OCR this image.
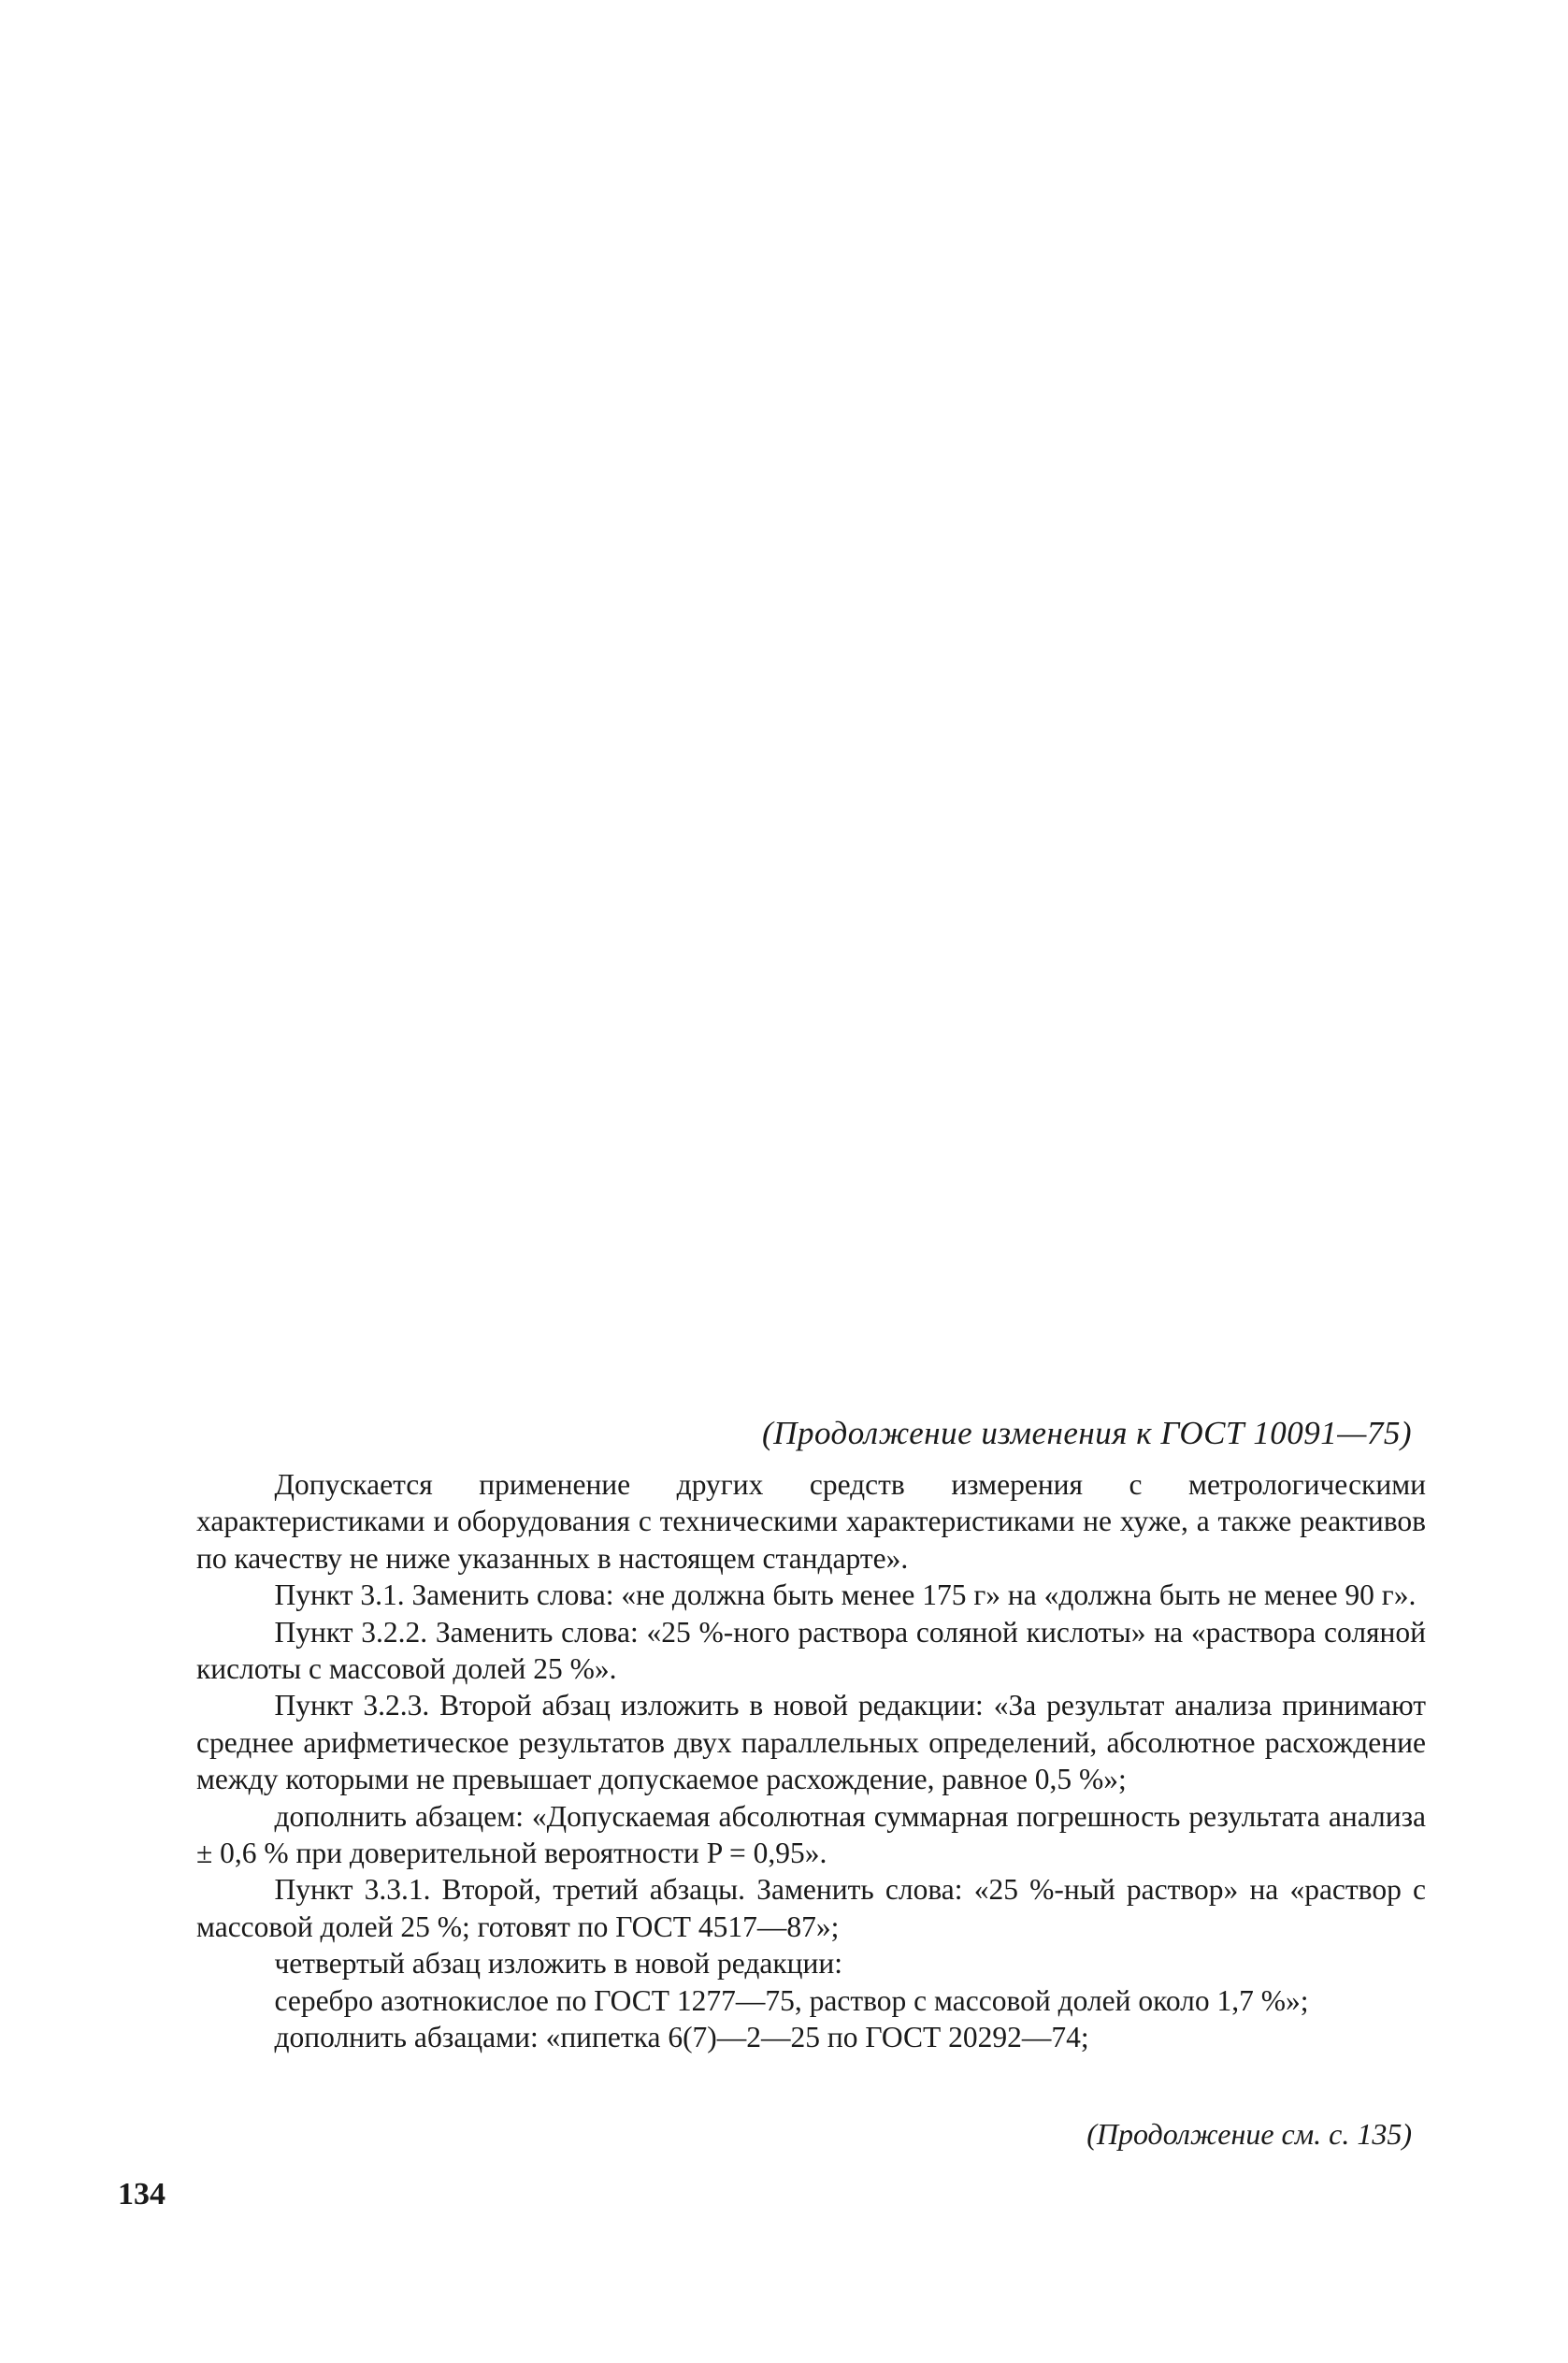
(Продолжение изменения к ГОСТ 10091—75)

Допускается применение других средств измерения с метрологическими характеристиками и оборудования с техническими характеристиками не хуже, а также реактивов по качеству не ниже указанных в настоящем стандарте».

Пункт 3.1. Заменить слова: «не должна быть менее 175 г» на «должна быть не менее 90 г».

Пункт 3.2.2. Заменить слова: «25 %-ного раствора соляной кислоты» на «раствора соляной кислоты с массовой долей 25 %».

Пункт 3.2.3. Второй абзац изложить в новой редакции: «За результат анализа принимают среднее арифметическое результатов двух параллельных определений, абсолютное расхождение между которыми не превышает допускаемое расхождение, равное 0,5 %»;

дополнить абзацем: «Допускаемая абсолютная суммарная погрешность результата анализа ± 0,6 % при доверительной вероятности P = 0,95».

Пункт 3.3.1. Второй, третий абзацы. Заменить слова: «25 %-ный раствор» на «раствор с массовой долей 25 %; готовят по ГОСТ 4517—87»;

четвертый абзац изложить в новой редакции:

серебро азотнокислое по ГОСТ 1277—75, раствор с массовой долей около 1,7 %»;

дополнить абзацами: «пипетка 6(7)—2—25 по ГОСТ 20292—74;

(Продолжение см. с. 135)
134
